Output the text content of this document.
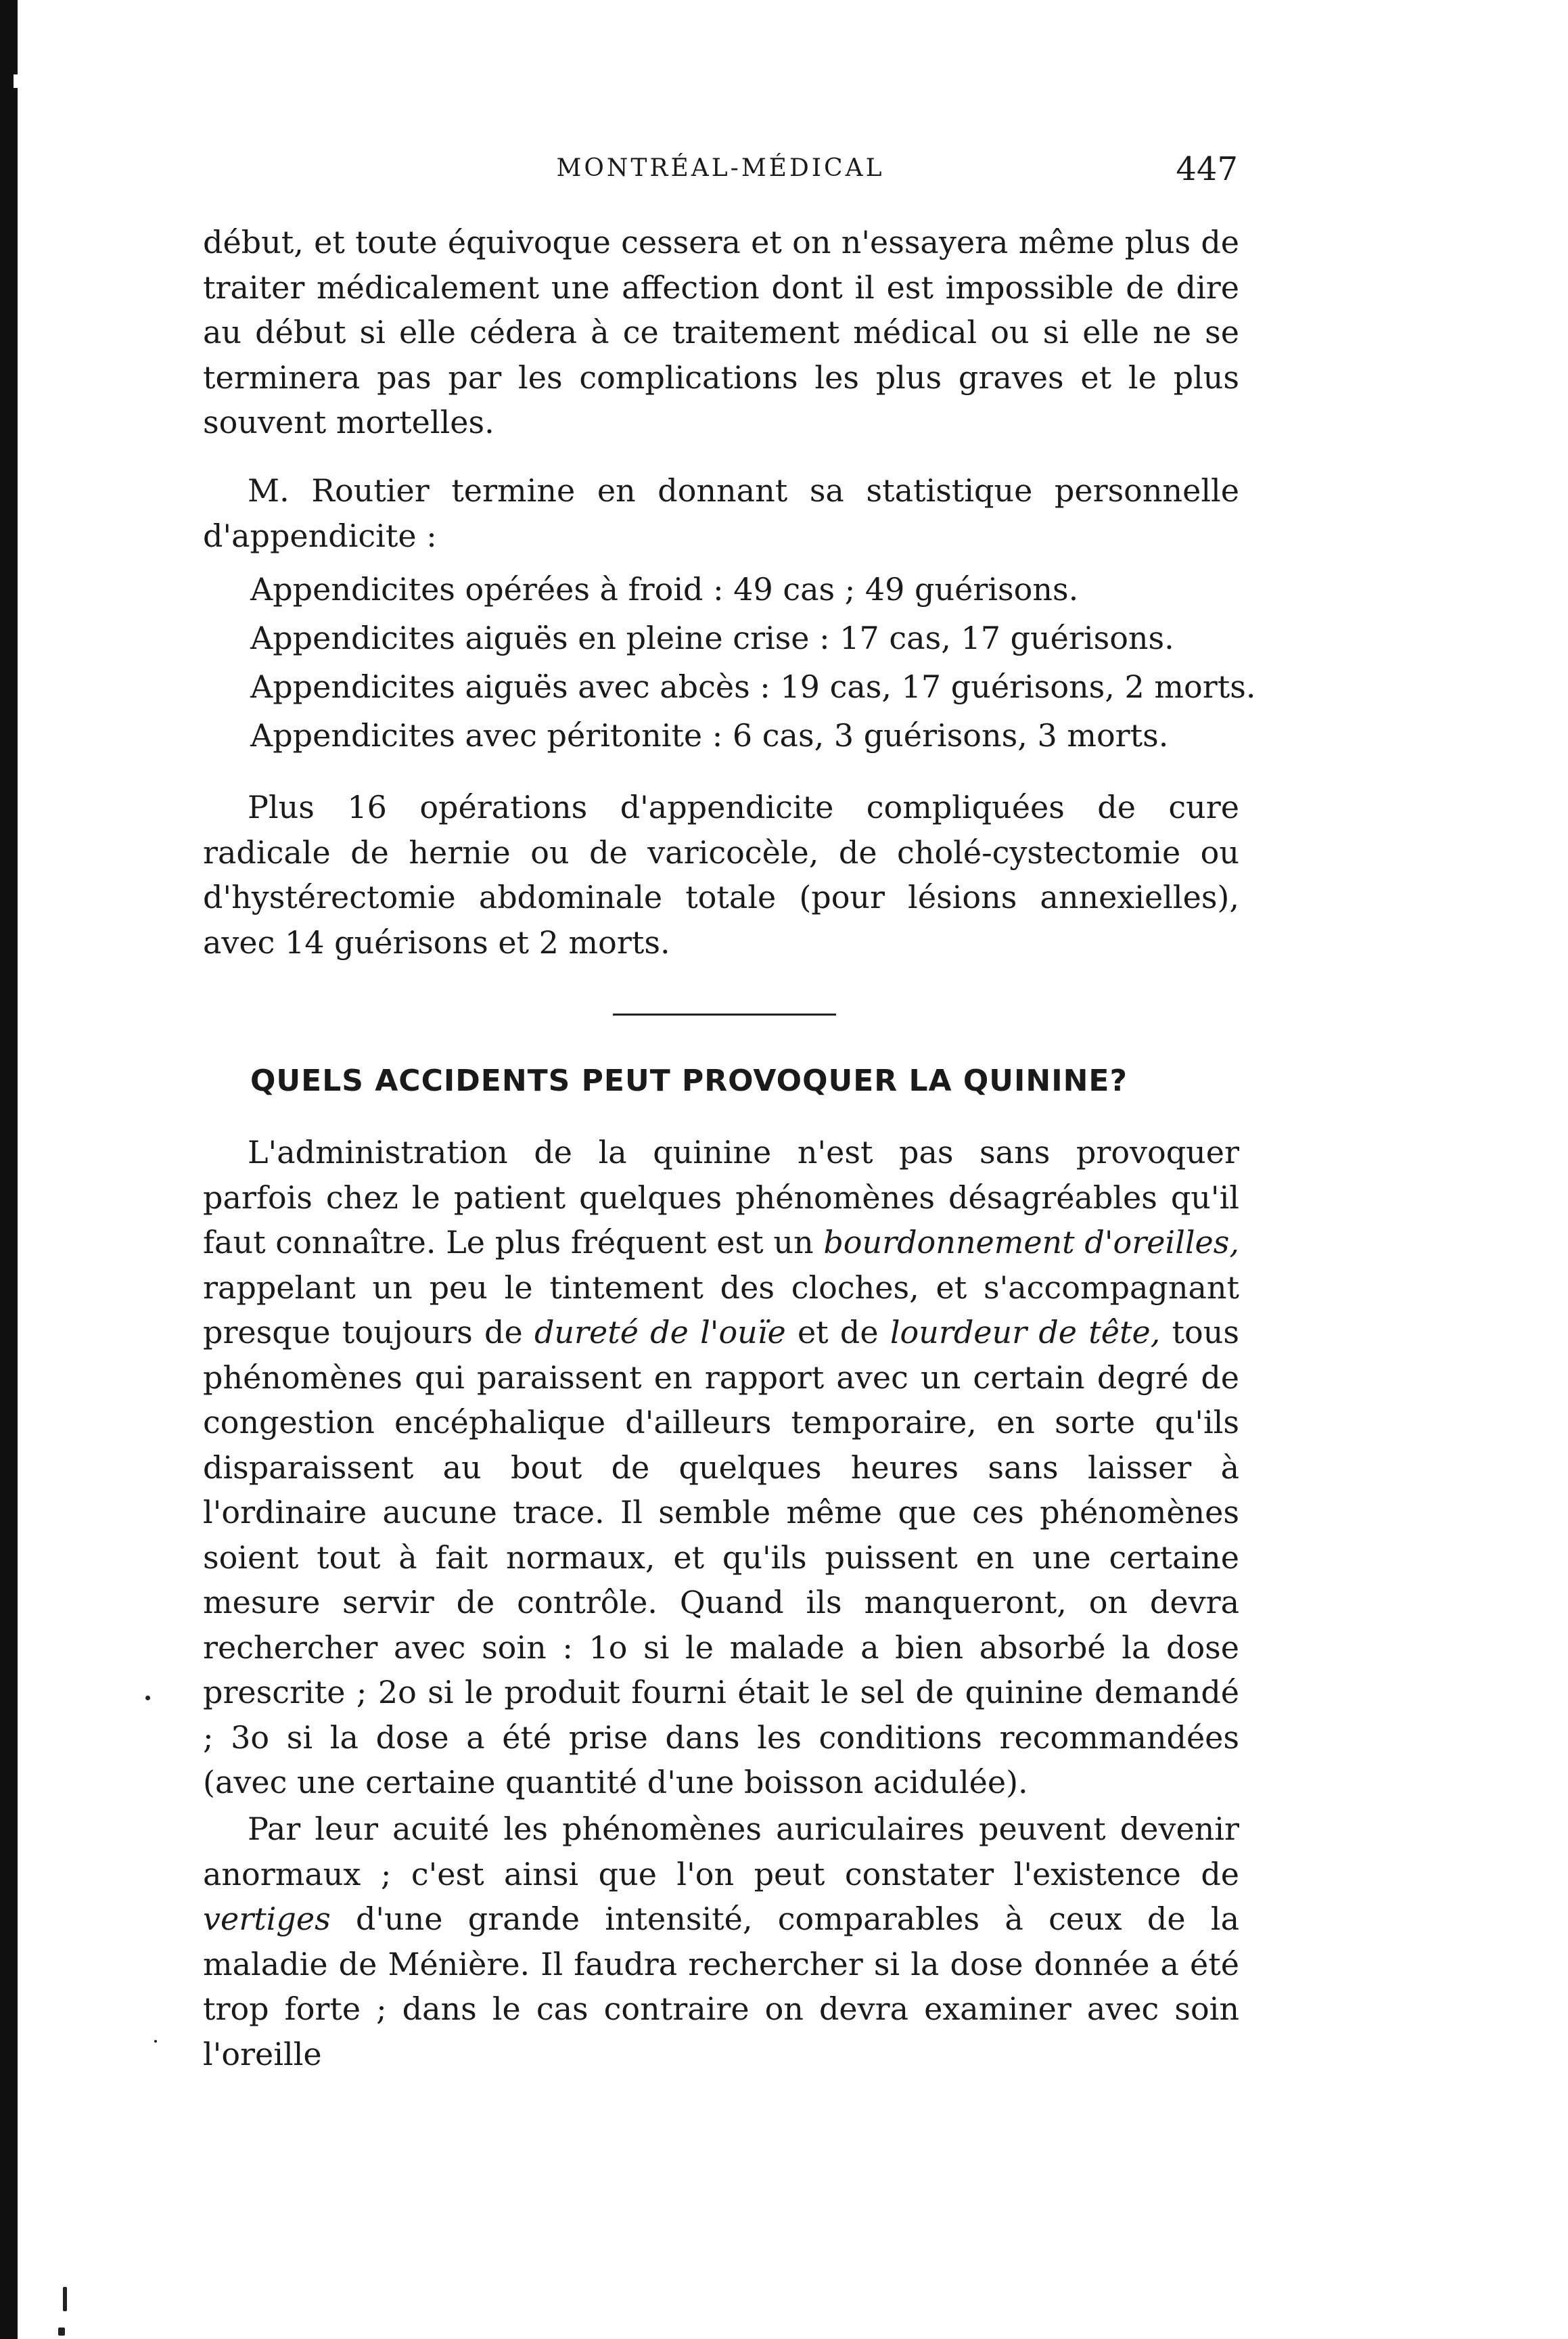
MONTRÉAL-MÉDICAL	447

début, et toute équivoque cessera et on n'essayera même plus de traiter médicalement une affection dont il est impossible de dire au début si elle cédera à ce traitement médical ou si elle ne se terminera pas par les complications les plus graves et le plus souvent mortelles.

M. Routier termine en donnant sa statistique personnelle d'appendicite :

Appendicites opérées à froid : 49 cas ; 49 guérisons.
Appendicites aiguës en pleine crise : 17 cas, 17 guérisons.
Appendicites aiguës avec abcès : 19 cas, 17 guérisons, 2 morts.
Appendicites avec péritonite : 6 cas, 3 guérisons, 3 morts.

Plus 16 opérations d'appendicite compliquées de cure radicale de hernie ou de varicocèle, de cholé-cystectomie ou d'hystérectomie abdominale totale (pour lésions annexielles), avec 14 guérisons et 2 morts.

QUELS ACCIDENTS PEUT PROVOQUER LA QUININE?

L'administration de la quinine n'est pas sans provoquer parfois chez le patient quelques phénomènes désagréables qu'il faut connaître. Le plus fréquent est un bourdonnement d'oreilles, rappelant un peu le tintement des cloches, et s'accompagnant presque toujours de dureté de l'ouïe et de lourdeur de tête, tous phénomènes qui paraissent en rapport avec un certain degré de congestion encéphalique d'ailleurs temporaire, en sorte qu'ils disparaissent au bout de quelques heures sans laisser à l'ordinaire aucune trace. Il semble même que ces phénomènes soient tout à fait normaux, et qu'ils puissent en une certaine mesure servir de contrôle. Quand ils manqueront, on devra rechercher avec soin : 1o si le malade a bien absorbé la dose prescrite ; 2o si le produit fourni était le sel de quinine demandé ; 3o si la dose a été prise dans les conditions recommandées (avec une certaine quantité d'une boisson acidulée).

Par leur acuité les phénomènes auriculaires peuvent devenir anormaux ; c'est ainsi que l'on peut constater l'existence de vertiges d'une grande intensité, comparables à ceux de la maladie de Ménière. Il faudra rechercher si la dose donnée a été trop forte ; dans le cas contraire on devra examiner avec soin l'oreille
